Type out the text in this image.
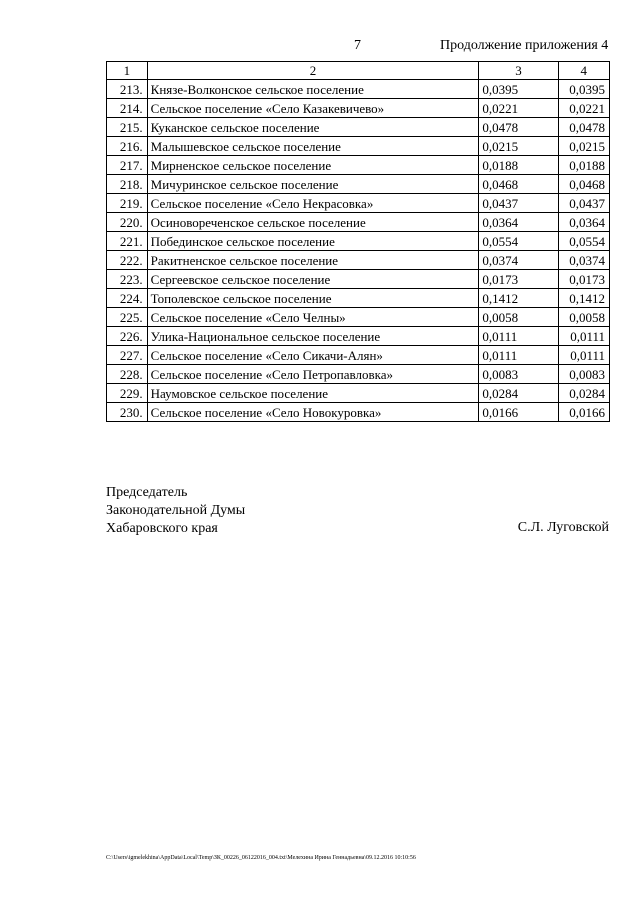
7	Продолжение приложения 4
1	2	3	4
213.	Князе-Волконское сельское поселение	0,0395	0,0395
214.	Сельское поселение «Село Казакевичево»	0,0221	0,0221
215.	Куканское сельское поселение	0,0478	0,0478
216.	Малышевское сельское поселение	0,0215	0,0215
217.	Мирненское сельское поселение	0,0188	0,0188
218.	Мичуринское сельское поселение	0,0468	0,0468
219.	Сельское поселение «Село Некрасовка»	0,0437	0,0437
220.	Осиновореченское сельское поселение	0,0364	0,0364
221.	Побединское сельское поселение	0,0554	0,0554
222.	Ракитненское сельское поселение	0,0374	0,0374
223.	Сергеевское сельское поселение	0,0173	0,0173
224.	Тополевское сельское поселение	0,1412	0,1412
225.	Сельское поселение «Село Челны»	0,0058	0,0058
226.	Улика-Национальное сельское поселение	0,0111	0,0111
227.	Сельское поселение «Село Сикачи-Алян»	0,0111	0,0111
228.	Сельское поселение «Село Петропавловка»	0,0083	0,0083
229.	Наумовское сельское поселение	0,0284	0,0284
230.	Сельское поселение «Село Новокуровка»	0,0166	0,0166
Председатель
Законодательной Думы
Хабаровского края	С.Л. Луговской
C:\Users\igmelekhina\AppData\Local\Temp\ЗК_00226_06122016_004.txt\Мелехина Ирина Геннадьевна\09.12.2016 10:10:56
